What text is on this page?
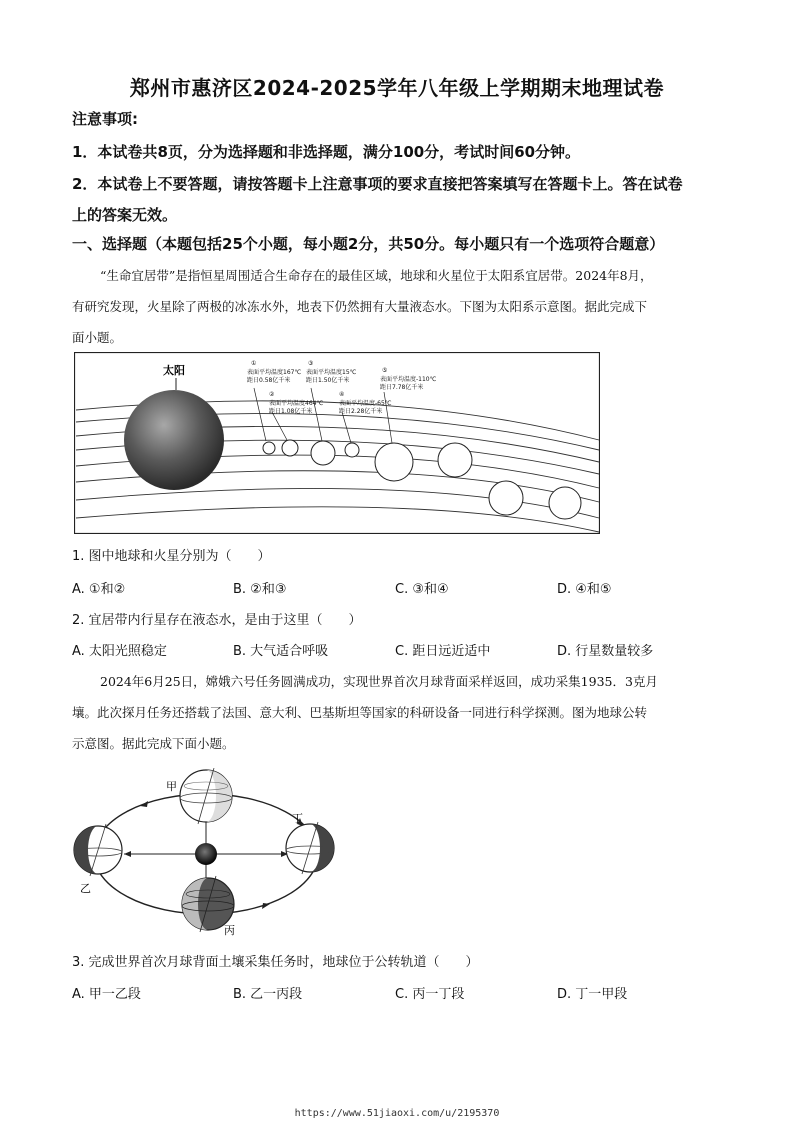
郑州市惠济区2024-2025学年八年级上学期期末地理试卷
注意事项:
1．本试卷共8页，分为选择题和非选择题，满分100分，考试时间60分钟。
2．本试卷上不要答题，请按答题卡上注意事项的要求直接把答案填写在答题卡上。答在试卷
上的答案无效。
一、选择题（本题包括25个小题，每小题2分，共50分。每小题只有一个选项符合题意）
“生命宜居带”是指恒星周围适合生命存在的最佳区域，地球和火星位于太阳系宜居带。2024年8月，
有研究发现，火星除了两极的冰冻水外，地表下仍然拥有大量液态水。下图为太阳系示意图。据此完成下
面小题。
太阳
①
表面平均温度167℃
距日0.58亿千米
②
表面平均温度464℃
距日1.08亿千米
③
表面平均温度15℃
距日1.50亿千米
④
表面平均温度-65℃
距日2.28亿千米
⑤
表面平均温度-110℃
距日7.78亿千米
1. 图中地球和火星分别为（　　）
A. ①和②	B. ②和③	C. ③和④	D. ④和⑤
2. 宜居带内行星存在液态水，是由于这里（　　）
A. 太阳光照稳定	B. 大气适合呼吸	C. 距日远近适中	D. 行星数量较多
2024年6月25日，嫦娥六号任务圆满成功，实现世界首次月球背面采样返回，成功采集1935．3克月
壤。此次探月任务还搭载了法国、意大利、巴基斯坦等国家的科研设备一同进行科学探测。图为地球公转
示意图。据此完成下面小题。
甲
乙
丙
丁
3. 完成世界首次月球背面土壤采集任务时，地球位于公转轨道（　　）
A. 甲一乙段	B. 乙一丙段	C. 丙一丁段	D. 丁一甲段
https://www.51jiaoxi.com/u/2195370
